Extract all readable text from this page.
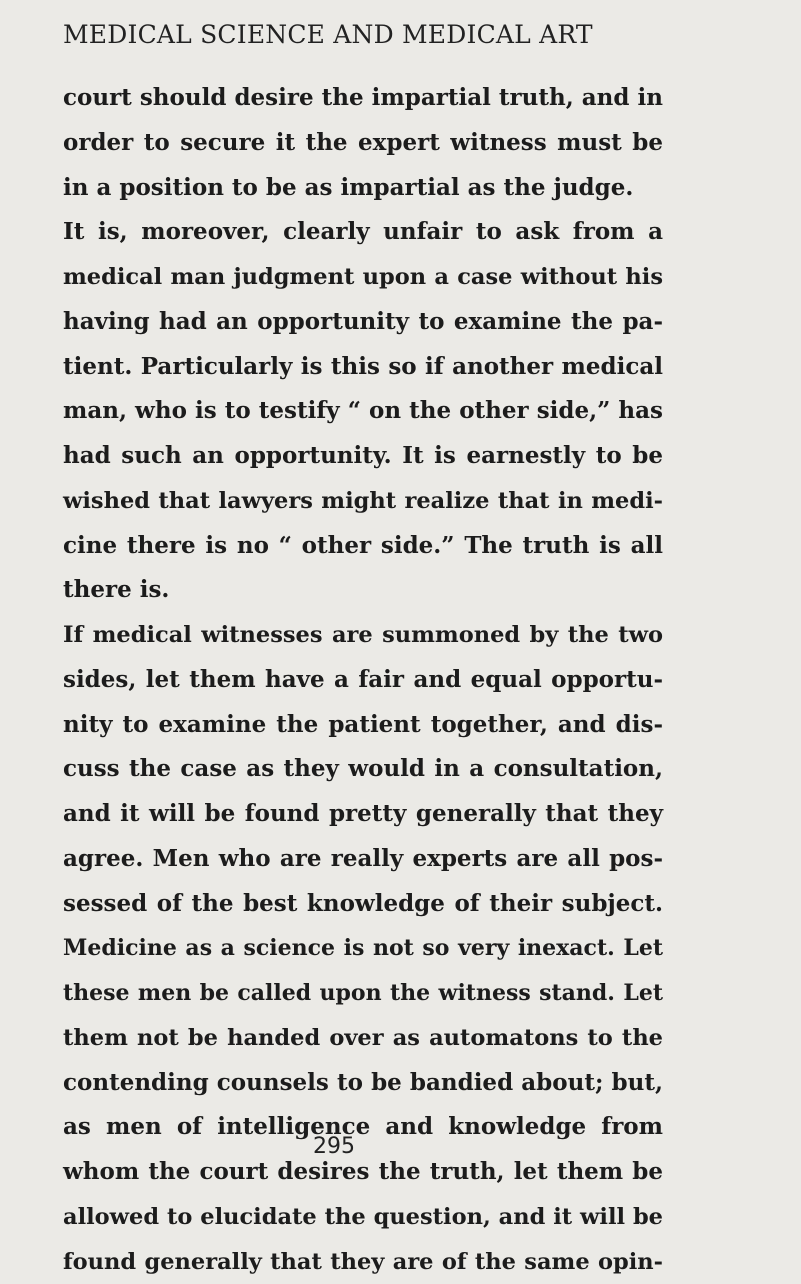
MEDICAL SCIENCE AND MEDICAL ART
court should desire the impartial truth, and in
order to secure it the expert witness must be
in a position to be as impartial as the judge.
It is, moreover, clearly unfair to ask from a
medical man judgment upon a case without his
having had an opportunity to examine the pa-
tient. Particularly is this so if another medical
man, who is to testify “ on the other side,” has
had such an opportunity. It is earnestly to be
wished that lawyers might realize that in medi-
cine there is no “ other side.” The truth is all
there is.
If medical witnesses are summoned by the two
sides, let them have a fair and equal opportu-
nity to examine the patient together, and dis-
cuss the case as they would in a consultation,
and it will be found pretty generally that they
agree. Men who are really experts are all pos-
sessed of the best knowledge of their subject.
Medicine as a science is not so very inexact. Let
these men be called upon the witness stand. Let
them not be handed over as automatons to the
contending counsels to be bandied about; but,
as men of intelligence and knowledge from
whom the court desires the truth, let them be
allowed to elucidate the question, and it will be
found generally that they are of the same opin-

295
